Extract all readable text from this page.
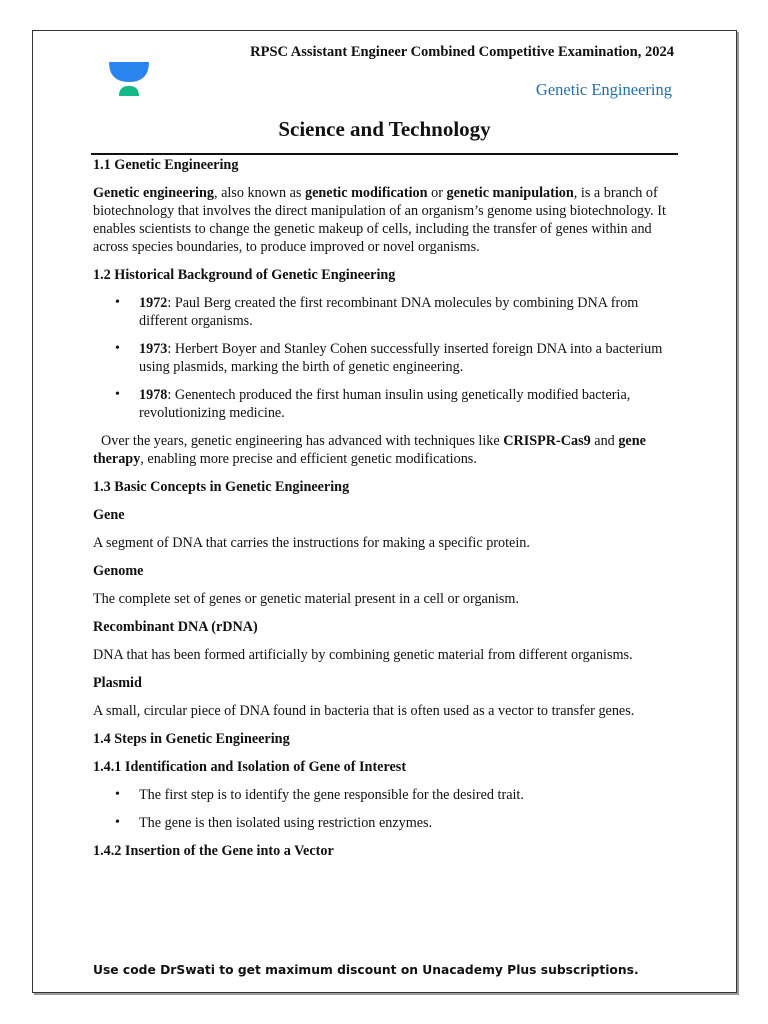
RPSC Assistant Engineer Combined Competitive Examination, 2024
Genetic Engineering
Science and Technology
1.1 Genetic Engineering

Genetic engineering, also known as genetic modification or genetic manipulation, is a branch of biotechnology that involves the direct manipulation of an organism’s genome using biotechnology. It enables scientists to change the genetic makeup of cells, including the transfer of genes within and across species boundaries, to produce improved or novel organisms.

1.2 Historical Background of Genetic Engineering
• 1972: Paul Berg created the first recombinant DNA molecules by combining DNA from different organisms.
• 1973: Herbert Boyer and Stanley Cohen successfully inserted foreign DNA into a bacterium using plasmids, marking the birth of genetic engineering.
• 1978: Genentech produced the first human insulin using genetically modified bacteria, revolutionizing medicine.

Over the years, genetic engineering has advanced with techniques like CRISPR-Cas9 and gene therapy, enabling more precise and efficient genetic modifications.

1.3 Basic Concepts in Genetic Engineering
Gene

A segment of DNA that carries the instructions for making a specific protein.

Genome

The complete set of genes or genetic material present in a cell or organism.

Recombinant DNA (rDNA)

DNA that has been formed artificially by combining genetic material from different organisms.

Plasmid

A small, circular piece of DNA found in bacteria that is often used as a vector to transfer genes.

1.4 Steps in Genetic Engineering
1.4.1 Identification and Isolation of Gene of Interest
• The first step is to identify the gene responsible for the desired trait.
• The gene is then isolated using restriction enzymes.
1.4.2 Insertion of the Gene into a Vector
Use code DrSwati to get maximum discount on Unacademy Plus subscriptions.
